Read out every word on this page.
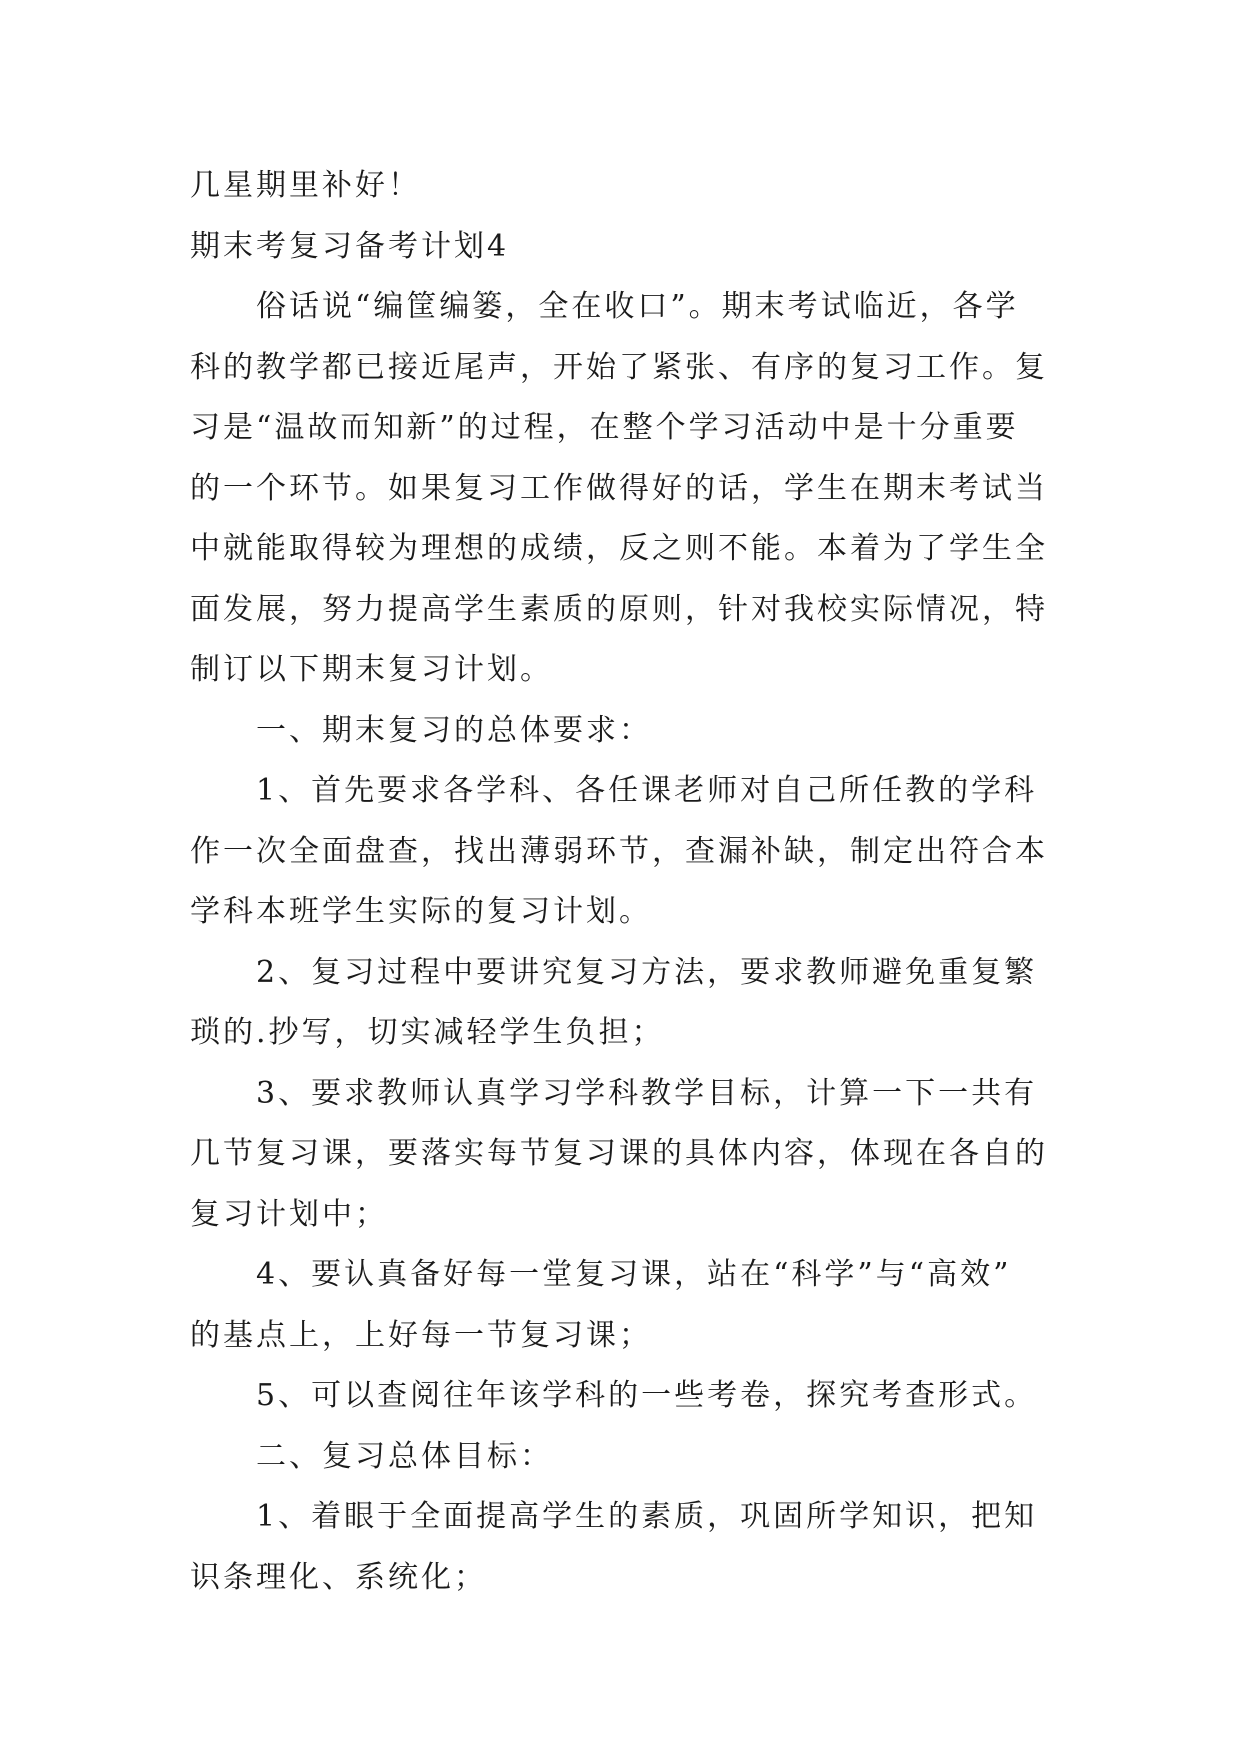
几星期里补好！
期末考复习备考计划4
俗话说“编筐编篓，全在收口”。期末考试临近，各学
科的教学都已接近尾声，开始了紧张、有序的复习工作。复
习是“温故而知新”的过程，在整个学习活动中是十分重要
的一个环节。如果复习工作做得好的话，学生在期末考试当
中就能取得较为理想的成绩，反之则不能。本着为了学生全
面发展，努力提高学生素质的原则，针对我校实际情况，特
制订以下期末复习计划。
一、期末复习的总体要求：
1、首先要求各学科、各任课老师对自己所任教的学科
作一次全面盘查，找出薄弱环节，查漏补缺，制定出符合本
学科本班学生实际的复习计划。
2、复习过程中要讲究复习方法，要求教师避免重复繁
琐的.抄写，切实减轻学生负担；
3、要求教师认真学习学科教学目标，计算一下一共有
几节复习课，要落实每节复习课的具体内容，体现在各自的
复习计划中；
4、要认真备好每一堂复习课，站在“科学”与“高效”
的基点上，上好每一节复习课；
5、可以查阅往年该学科的一些考卷，探究考查形式。
二、复习总体目标：
1、着眼于全面提高学生的素质，巩固所学知识，把知
识条理化、系统化；
